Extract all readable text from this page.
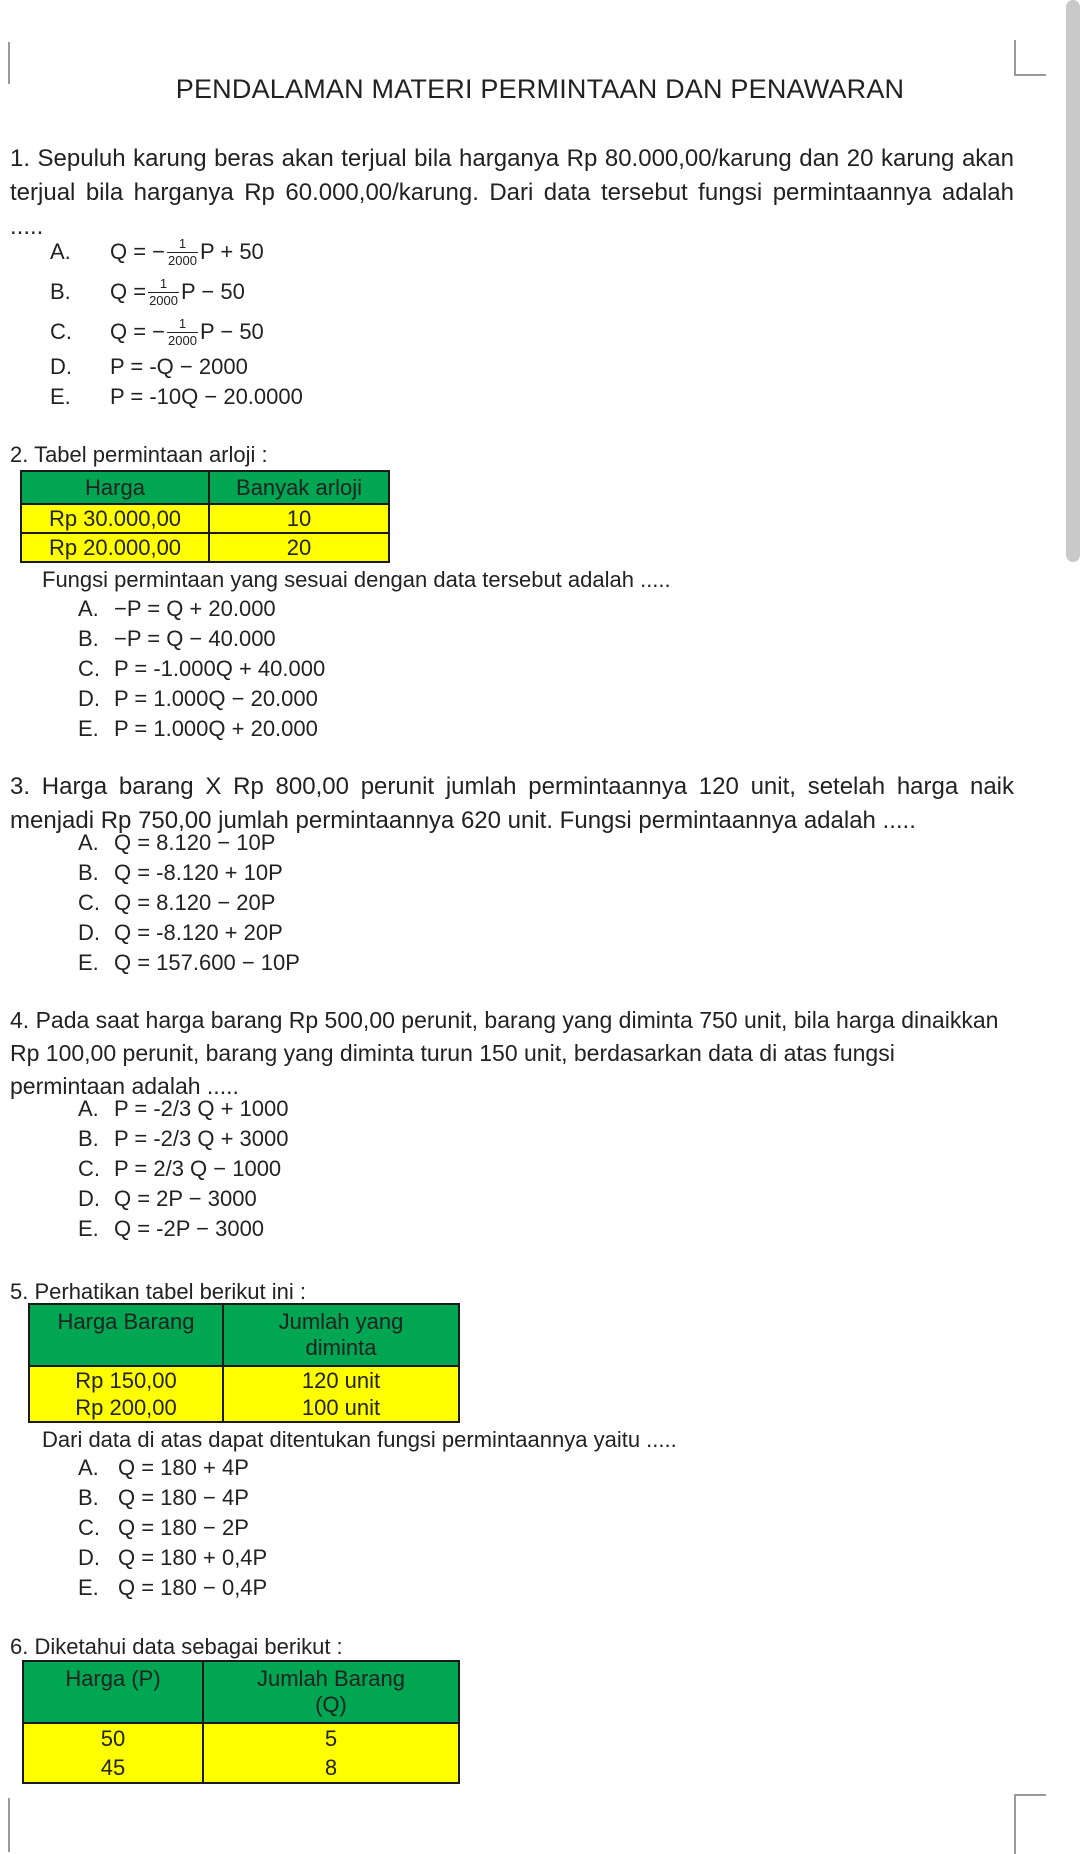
PENDALAMAN MATERI PERMINTAAN DAN PENAWARAN
1. Sepuluh karung beras akan terjual bila harganya Rp 80.000,00/karung dan 20 karung akan terjual bila harganya Rp 60.000,00/karung. Dari data tersebut fungsi permintaannya adalah .....
A.	Q = − $\frac{1}{2000}$ P + 50
B.	$Q = \frac{1}{2000}$ P − 50
C.	Q = − $\frac{1}{2000}$ P − 50
D.	P = -Q − 2000
E.	P = -10Q − 20.0000
2. Tabel permintaan arloji :
Harga	Banyak arloji
Rp 30.000,00	10
Rp 20.000,00	20
Fungsi permintaan yang sesuai dengan data tersebut adalah .....
A. −P = Q + 20.000
B. −P = Q − 40.000
C. P = -1.000Q + 40.000
D. P = 1.000Q − 20.000
E. P = 1.000Q + 20.000
3. Harga barang X Rp 800,00 perunit jumlah permintaannya 120 unit, setelah harga naik menjadi Rp 750,00 jumlah permintaannya 620 unit. Fungsi permintaannya adalah .....
A. Q = 8.120 − 10P
B. Q = -8.120 + 10P
C. Q = 8.120 − 20P
D. Q = -8.120 + 20P
E. Q = 157.600 − 10P
4. Pada saat harga barang Rp 500,00 perunit, barang yang diminta 750 unit, bila harga dinaikkan Rp 100,00 perunit, barang yang diminta turun 150 unit, berdasarkan data di atas fungsi permintaan adalah .....
A. P = -2/3 Q + 1000
B. P = -2/3 Q + 3000
C. P = 2/3 Q − 1000
D. Q = 2P − 3000
E. Q = -2P − 3000
5. Perhatikan tabel berikut ini :
Harga Barang	Jumlah yang diminta
Rp 150,00	120 unit
Rp 200,00	100 unit
Dari data di atas dapat ditentukan fungsi permintaannya yaitu .....
A. Q = 180 + 4P
B. Q = 180 − 4P
C. Q = 180 − 2P
D. Q = 180 + 0,4P
E. Q = 180 − 0,4P
6. Diketahui data sebagai berikut :
Harga (P)	Jumlah Barang (Q)
50	5
45	8
